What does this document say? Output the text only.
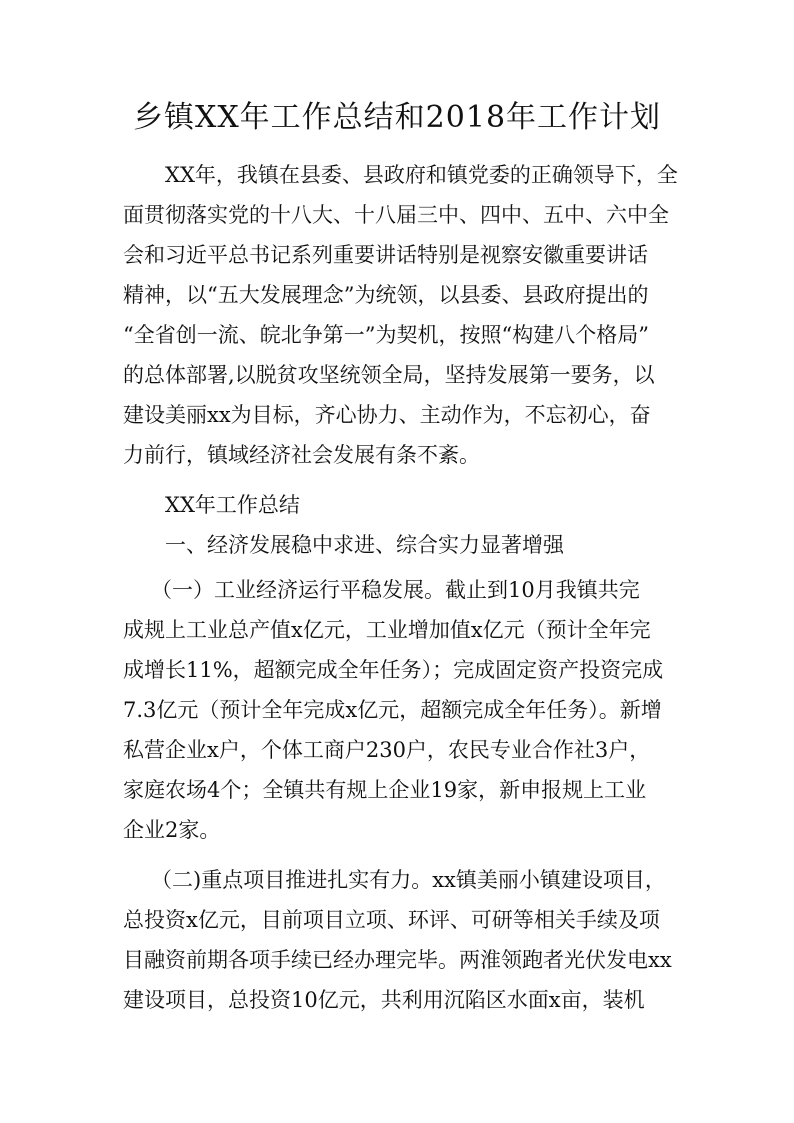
乡镇XX年工作总结和2018年工作计划

XX年，我镇在县委、县政府和镇党委的正确领导下，全

面贯彻落实党的十八大、十八届三中、四中、五中、六中全

会和习近平总书记系列重要讲话特别是视察安徽重要讲话

精神，以“五大发展理念”为统领，以县委、县政府提出的

“全省创一流、皖北争第一”为契机，按照“构建八个格局”

的总体部署,以脱贫攻坚统领全局，坚持发展第一要务，以

建设美丽xx为目标，齐心协力、主动作为，不忘初心，奋

力前行，镇域经济社会发展有条不紊。

XX年工作总结

一、经济发展稳中求进、综合实力显著增强

（一）工业经济运行平稳发展。截止到10月我镇共完

成规上工业总产值x亿元，工业增加值x亿元（预计全年完

成增长11%，超额完成全年任务）；完成固定资产投资完成

7.3亿元（预计全年完成x亿元，超额完成全年任务）。新增

私营企业x户，个体工商户230户，农民专业合作社3户，

家庭农场4个；全镇共有规上企业19家，新申报规上工业

企业2家。

（二)重点项目推进扎实有力。xx镇美丽小镇建设项目，

总投资x亿元，目前项目立项、环评、可研等相关手续及项

目融资前期各项手续已经办理完毕。两淮领跑者光伏发电xx

建设项目，总投资10亿元，共利用沉陷区水面x亩，装机
